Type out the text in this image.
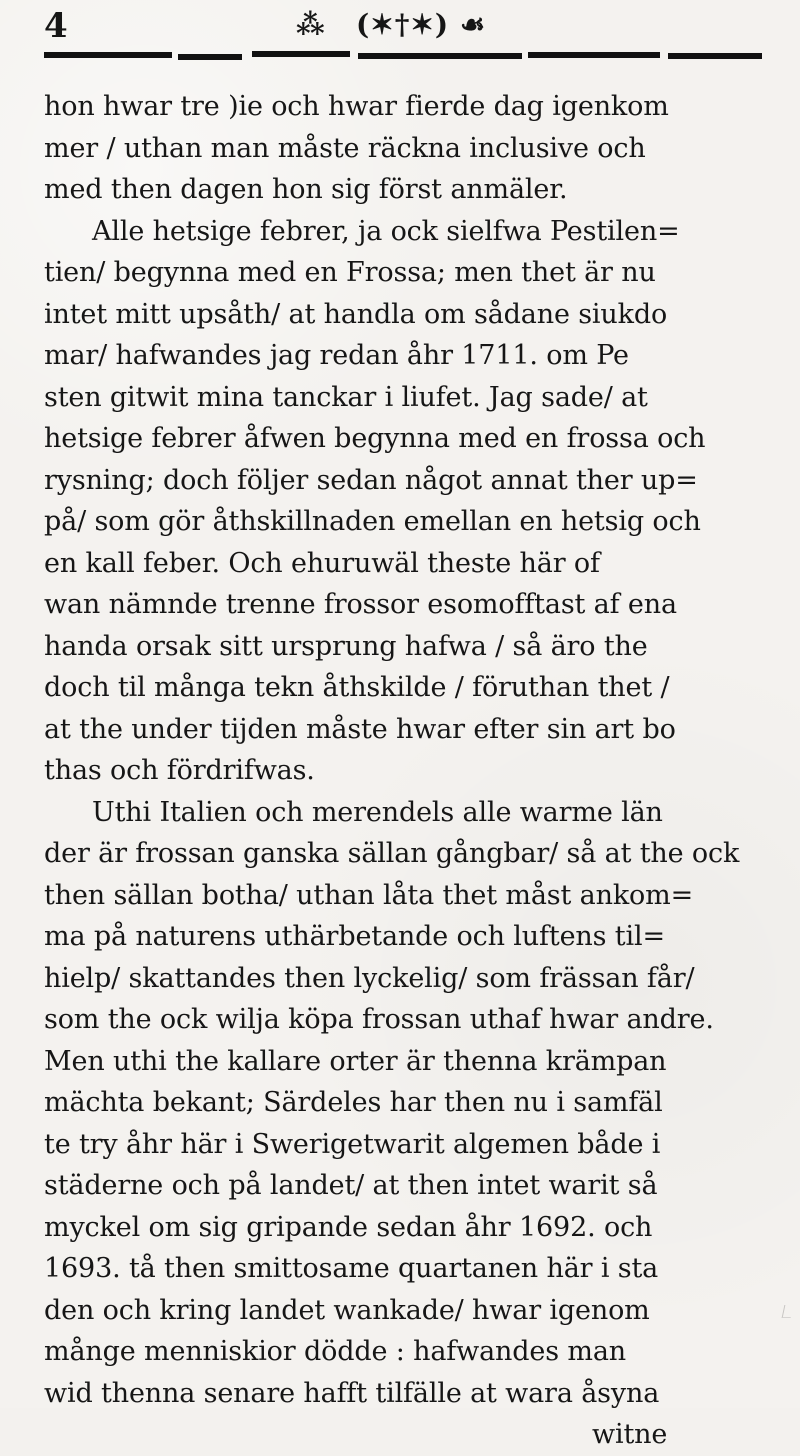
4	⁂ (✶†✶) ☙
hon hwar tre )ie och hwar fierde dag igenkom
mer / uthan man måste räckna inclusive och
med then dagen hon sig först anmäler.
Alle hetsige febrer, ja ock sielfwa Pestilen=
tien/ begynna med en Frossa; men thet är nu
intet mitt upsåth/ at handla om sådane siukdo
mar/ hafwandes jag redan åhr 1711. om Pe
sten gitwit mina tanckar i liufet. Jag sade/ at
hetsige febrer åfwen begynna med en frossa och
rysning; doch följer sedan något annat ther up=
på/ som gör åthskillnaden emellan en hetsig och
en kall feber. Och ehuruwäl theste här of
wan nämnde trenne frossor esomofftast af ena
handa orsak sitt ursprung hafwa / så äro the
doch til många tekn åthskilde / föruthan thet /
at the under tijden måste hwar efter sin art bo
thas och fördrifwas.
Uthi Italien och merendels alle warme län
der är frossan ganska sällan gångbar/ så at the ock
then sällan botha/ uthan låta thet måst ankom=
ma på naturens uthärbetande och luftens til=
hielp/ skattandes then lyckelig/ som frässan får/
som the ock wilja köpa frossan uthaf hwar andre.
Men uthi the kallare orter är thenna krämpan
mächta bekant; Särdeles har then nu i samfäl
te try åhr här i Swerigetwarit algemen både i
städerne och på landet/ at then intet warit så
myckel om sig gripande sedan åhr 1692. och
1693. tå then smittosame quartanen här i sta
den och kring landet wankade/ hwar igenom
månge menniskior dödde : hafwandes man
wid thenna senare hafft tilfälle at wara åsyna
witne
